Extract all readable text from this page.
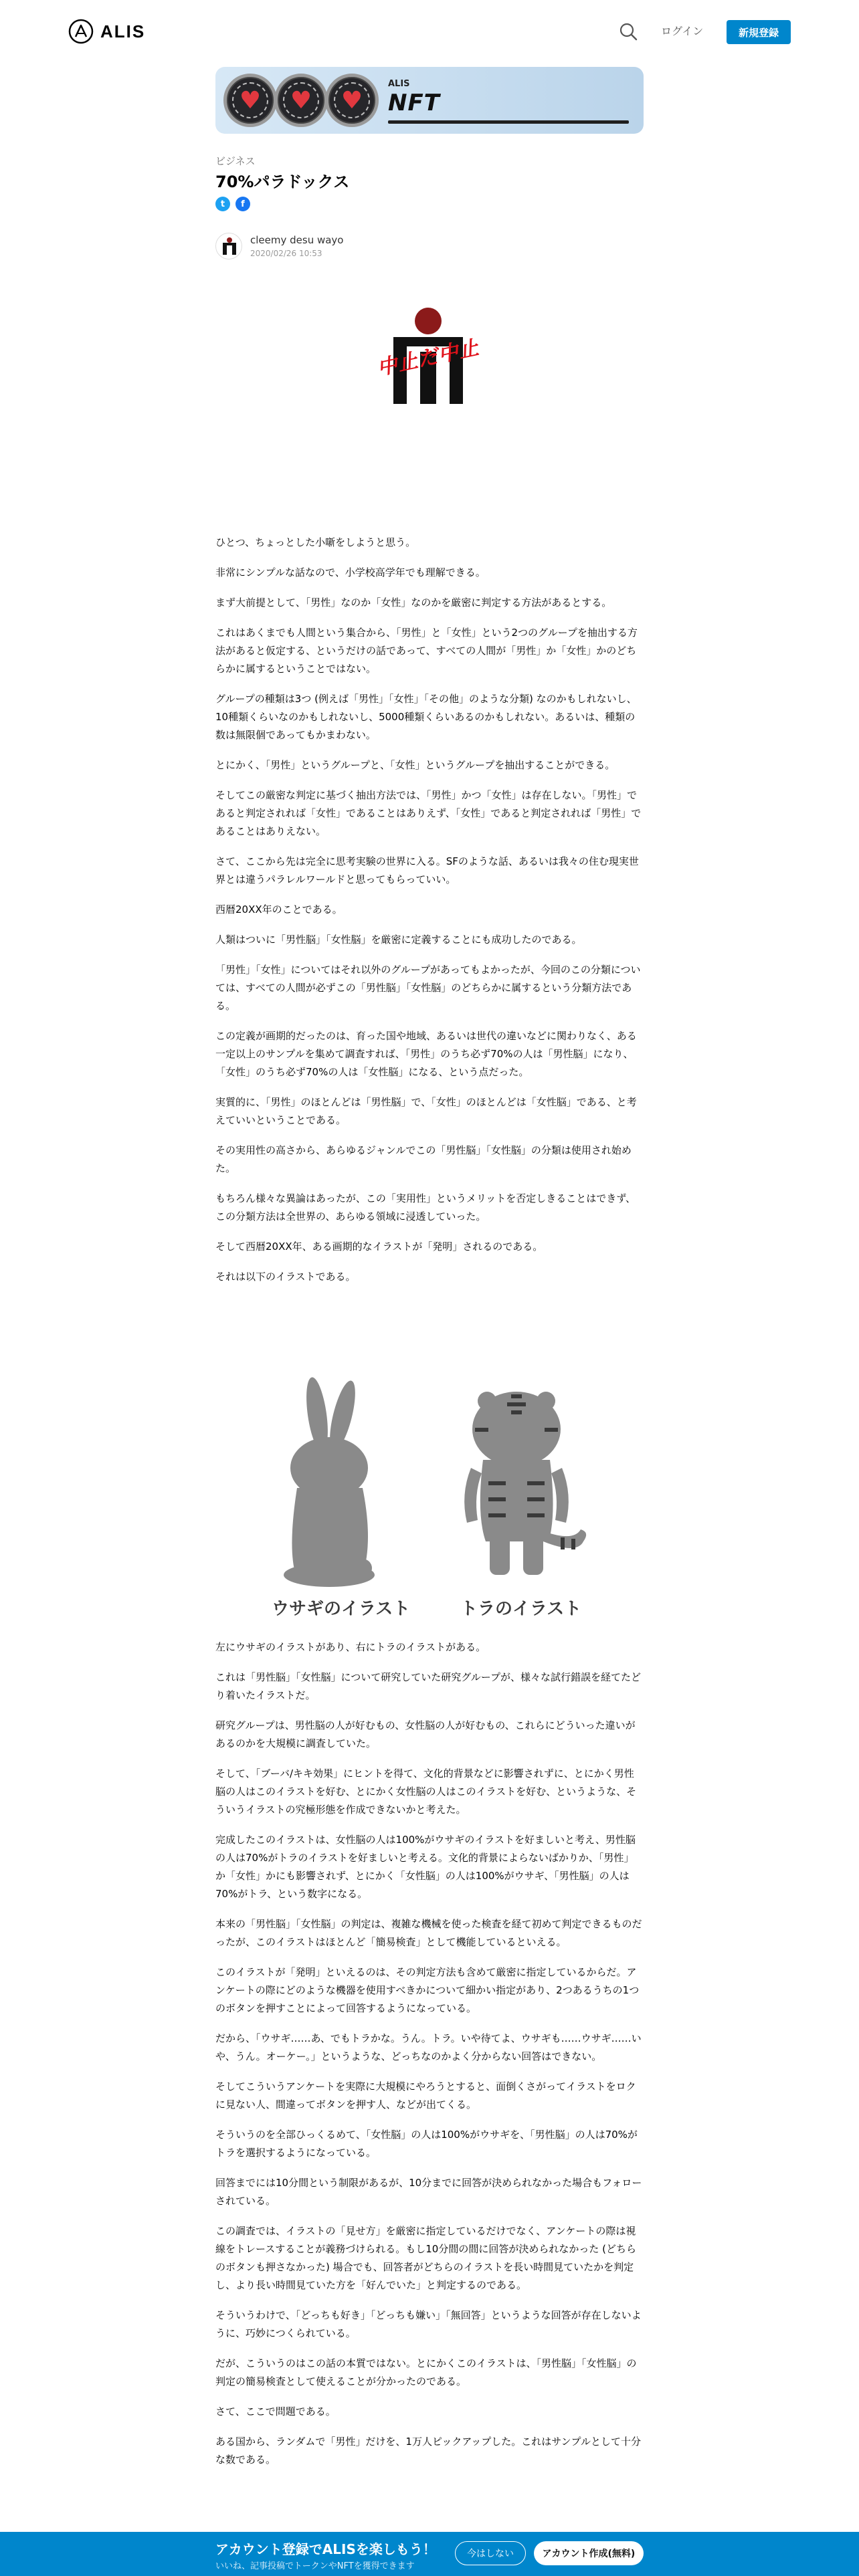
ALIS	ログイン	新規登録
♥ ♥ ♥
ALIS
NFT
ビジネス
70%パラドックス
t	f
cleemy desu wayo
2020/02/26 10:53
中止だ中止

ひとつ、ちょっとした小噺をしようと思う。

非常にシンプルな話なので、小学校高学年でも理解できる。

まず大前提として、「男性」なのか「女性」なのかを厳密に判定する方法があるとする。

これはあくまでも人間という集合から、「男性」と「女性」という2つのグループを抽出する方法があると仮定する、というだけの話であって、すべての人間が「男性」か「女性」かのどちらかに属するということではない。

グループの種類は3つ (例えば「男性」「女性」「その他」のような分類) なのかもしれないし、10種類くらいなのかもしれないし、5000種類くらいあるのかもしれない。あるいは、種類の数は無限個であってもかまわない。

とにかく、「男性」というグループと、「女性」というグループを抽出することができる。

そしてこの厳密な判定に基づく抽出方法では、「男性」かつ「女性」は存在しない。「男性」であると判定されれば「女性」であることはありえず、「女性」であると判定されれば「男性」であることはありえない。

さて、ここから先は完全に思考実験の世界に入る。SFのような話、あるいは我々の住む現実世界とは違うパラレルワールドと思ってもらっていい。

西暦20XX年のことである。

人類はついに「男性脳」「女性脳」を厳密に定義することにも成功したのである。

「男性」「女性」についてはそれ以外のグループがあってもよかったが、今回のこの分類については、すべての人間が必ずこの「男性脳」「女性脳」のどちらかに属するという分類方法である。

この定義が画期的だったのは、育った国や地域、あるいは世代の違いなどに関わりなく、ある一定以上のサンプルを集めて調査すれば、「男性」のうち必ず70%の人は「男性脳」になり、「女性」のうち必ず70%の人は「女性脳」になる、という点だった。

実質的に、「男性」のほとんどは「男性脳」で、「女性」のほとんどは「女性脳」である、と考えていいということである。

その実用性の高さから、あらゆるジャンルでこの「男性脳」「女性脳」の分類は使用され始めた。

もちろん様々な異論はあったが、この「実用性」というメリットを否定しきることはできず、この分類方法は全世界の、あらゆる領域に浸透していった。

そして西暦20XX年、ある画期的なイラストが「発明」されるのである。

それは以下のイラストである。

ウサギのイラスト	トラのイラスト

左にウサギのイラストがあり、右にトラのイラストがある。

これは「男性脳」「女性脳」について研究していた研究グループが、様々な試行錯誤を経てたどり着いたイラストだ。

研究グループは、男性脳の人が好むもの、女性脳の人が好むもの、これらにどういった違いがあるのかを大規模に調査していた。

そして、「ブーバ/キキ効果」にヒントを得て、文化的背景などに影響されずに、とにかく男性脳の人はこのイラストを好む、とにかく女性脳の人はこのイラストを好む、というような、そういうイラストの究極形態を作成できないかと考えた。

完成したこのイラストは、女性脳の人は100%がウサギのイラストを好ましいと考え、男性脳の人は70%がトラのイラストを好ましいと考える。文化的背景によらないばかりか、「男性」か「女性」かにも影響されず、とにかく「女性脳」の人は100%がウサギ、「男性脳」の人は70%がトラ、という数字になる。

本来の「男性脳」「女性脳」の判定は、複雑な機械を使った検査を経て初めて判定できるものだったが、このイラストはほとんど「簡易検査」として機能しているといえる。

このイラストが「発明」といえるのは、その判定方法も含めて厳密に指定しているからだ。アンケートの際にどのような機器を使用すべきかについて細かい指定があり、2つあるうちの1つのボタンを押すことによって回答するようになっている。

だから、「ウサギ……あ、でもトラかな。うん。トラ。いや待てよ、ウサギも……ウサギ……いや、うん。オーケー。」というような、どっちなのかよく分からない回答はできない。

そしてこういうアンケートを実際に大規模にやろうとすると、面倒くさがってイラストをロクに見ない人、間違ってボタンを押す人、などが出てくる。

そういうのを全部ひっくるめて、「女性脳」の人は100%がウサギを、「男性脳」の人は70%がトラを選択するようになっている。

回答までには10分間という制限があるが、10分までに回答が決められなかった場合もフォローされている。

この調査では、イラストの「見せ方」を厳密に指定しているだけでなく、アンケートの際は視線をトレースすることが義務づけられる。もし10分間の間に回答が決められなかった (どちらのボタンも押さなかった) 場合でも、回答者がどちらのイラストを長い時間見ていたかを判定し、より長い時間見ていた方を「好んでいた」と判定するのである。

そういうわけで、「どっちも好き」「どっちも嫌い」「無回答」というような回答が存在しないように、巧妙につくられている。

だが、こういうのはこの話の本質ではない。とにかくこのイラストは、「男性脳」「女性脳」の判定の簡易検査として使えることが分かったのである。

さて、ここで問題である。

ある国から、ランダムで「男性」だけを、1万人ピックアップした。これはサンプルとして十分な数である。

アカウント登録でALISを楽しもう！
いいね、記事投稿でトークンやNFTを獲得できます
今はしない	アカウント作成(無料)
